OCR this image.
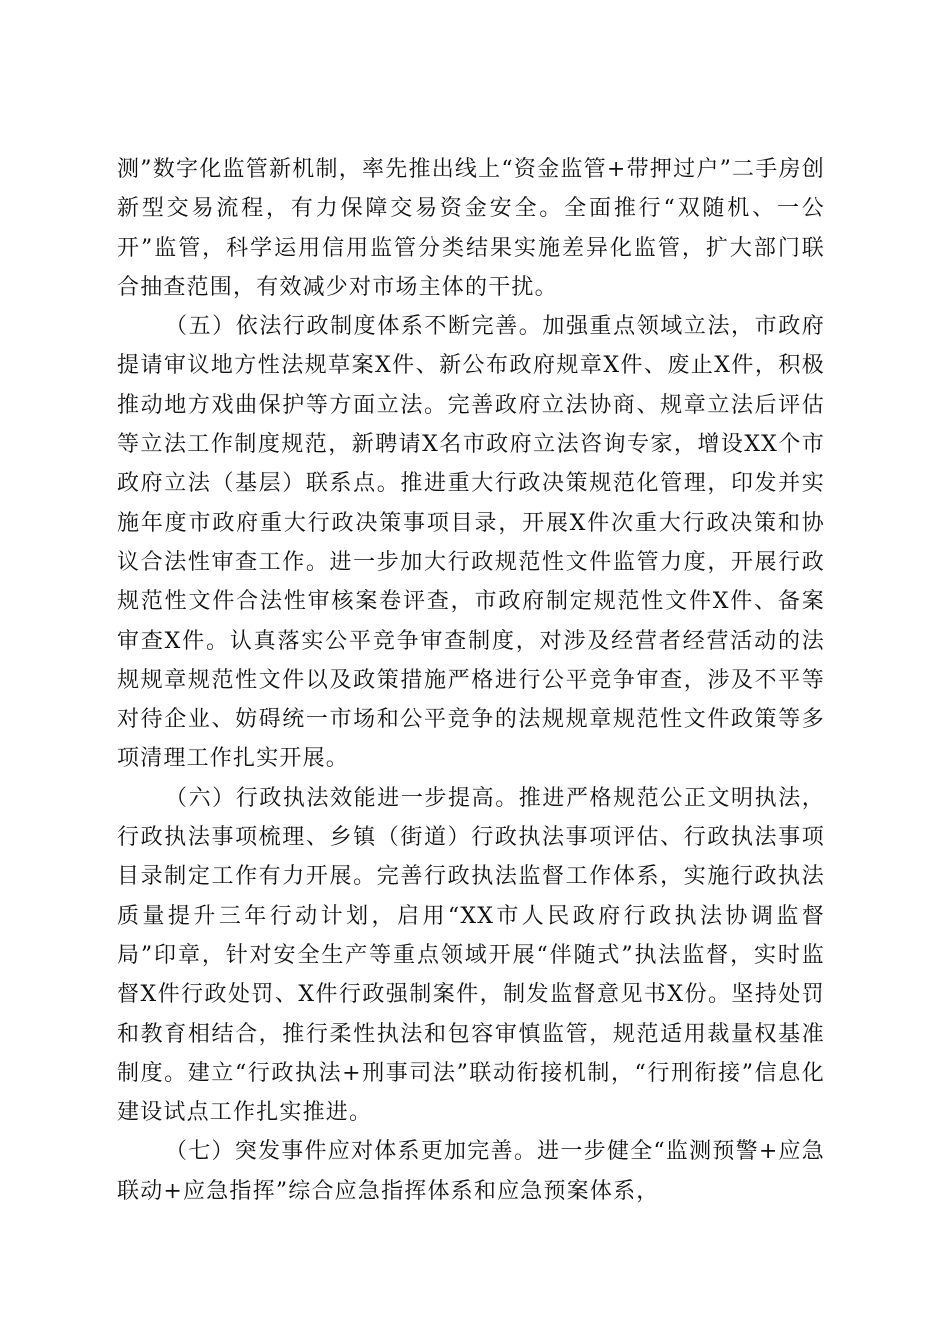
测”数字化监管新机制，率先推出线上“资金监管+带押过户”二手房创新型交易流程，有力保障交易资金安全。全面推行“双随机、一公开”监管，科学运用信用监管分类结果实施差异化监管，扩大部门联合抽查范围，有效减少对市场主体的干扰。

（五）依法行政制度体系不断完善。加强重点领域立法，市政府提请审议地方性法规草案X件、新公布政府规章X件、废止X件，积极推动地方戏曲保护等方面立法。完善政府立法协商、规章立法后评估等立法工作制度规范，新聘请X名市政府立法咨询专家，增设XX个市政府立法（基层）联系点。推进重大行政决策规范化管理，印发并实施年度市政府重大行政决策事项目录，开展X件次重大行政决策和协议合法性审查工作。进一步加大行政规范性文件监管力度，开展行政规范性文件合法性审核案卷评查，市政府制定规范性文件X件、备案审查X件。认真落实公平竞争审查制度，对涉及经营者经营活动的法规规章规范性文件以及政策措施严格进行公平竞争审查，涉及不平等对待企业、妨碍统一市场和公平竞争的法规规章规范性文件政策等多项清理工作扎实开展。

（六）行政执法效能进一步提高。推进严格规范公正文明执法，行政执法事项梳理、乡镇（街道）行政执法事项评估、行政执法事项目录制定工作有力开展。完善行政执法监督工作体系，实施行政执法质量提升三年行动计划，启用“XX市人民政府行政执法协调监督局”印章，针对安全生产等重点领域开展“伴随式”执法监督，实时监督X件行政处罚、X件行政强制案件，制发监督意见书X份。坚持处罚和教育相结合，推行柔性执法和包容审慎监管，规范适用裁量权基准制度。建立“行政执法+刑事司法”联动衔接机制，“行刑衔接”信息化建设试点工作扎实推进。

（七）突发事件应对体系更加完善。进一步健全“监测预警+应急联动+应急指挥”综合应急指挥体系和应急预案体系，
